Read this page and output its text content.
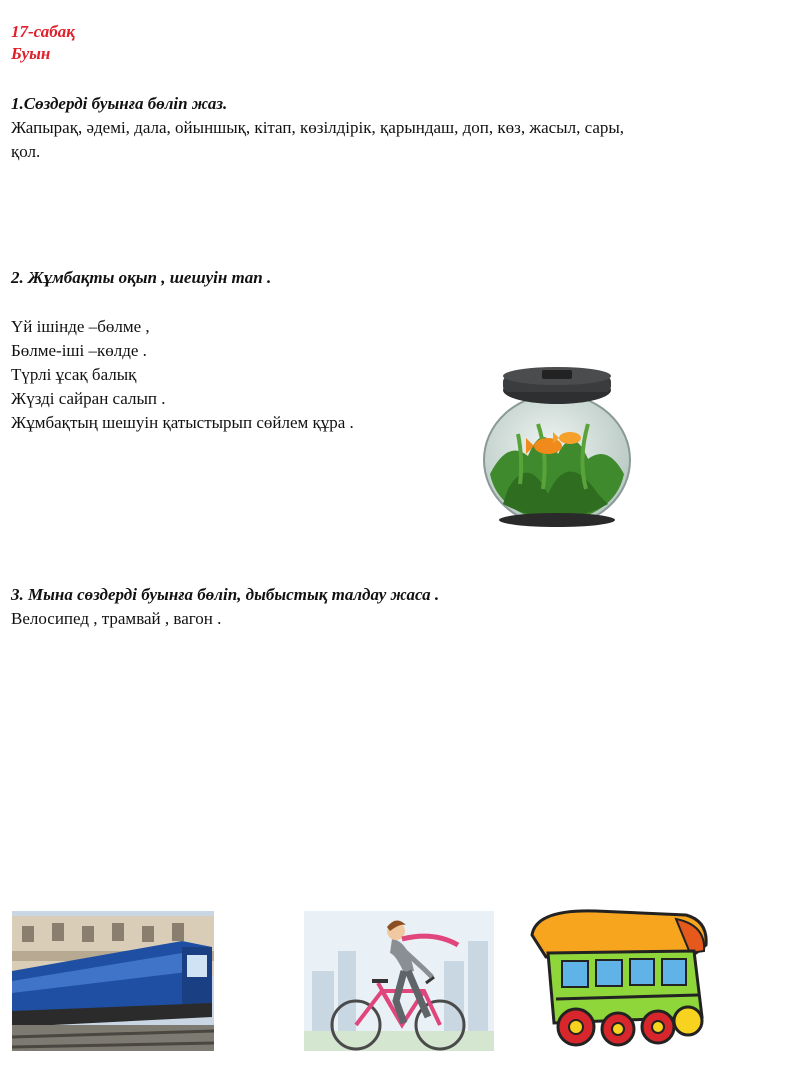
17-сабақ
Буын
1.Сөздерді буынға бөліп жаз.
Жапырақ, әдемі, дала, ойыншық, кітап, көзілдірік, қарындаш, доп, көз, жасыл, сары,
қол.
2. Жұмбақты оқып , шешуін тап .
Үй ішінде –бөлме ,
Бөлме-іші –көлде .
Түрлі ұсақ балық
Жүзді сайран салып .
Жұмбақтың шешуін қатыстырып сөйлем құра .
3. Мына сөздерді буынға бөліп, дыбыстық талдау жаса .
Велосипед , трамвай , вагон .
